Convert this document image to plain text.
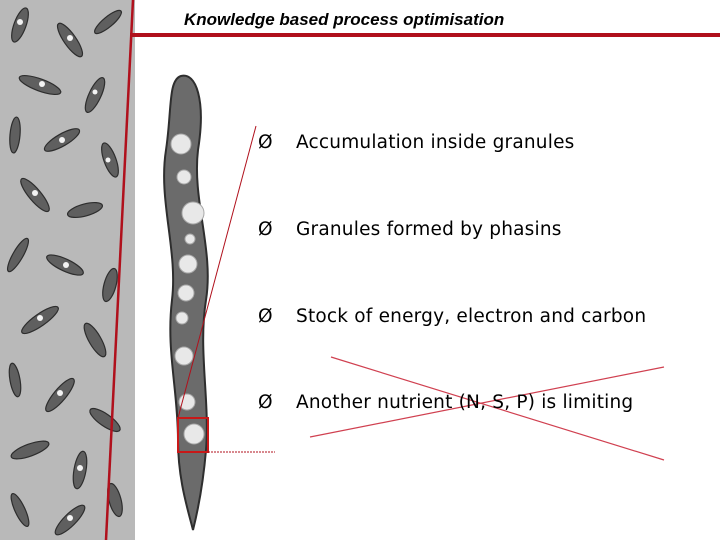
Knowledge based process optimisation
Ø Accumulation inside granules
Ø Granules formed by phasins
Ø Stock of energy, electron and carbon
Ø Another nutrient (N, S, P) is limiting
